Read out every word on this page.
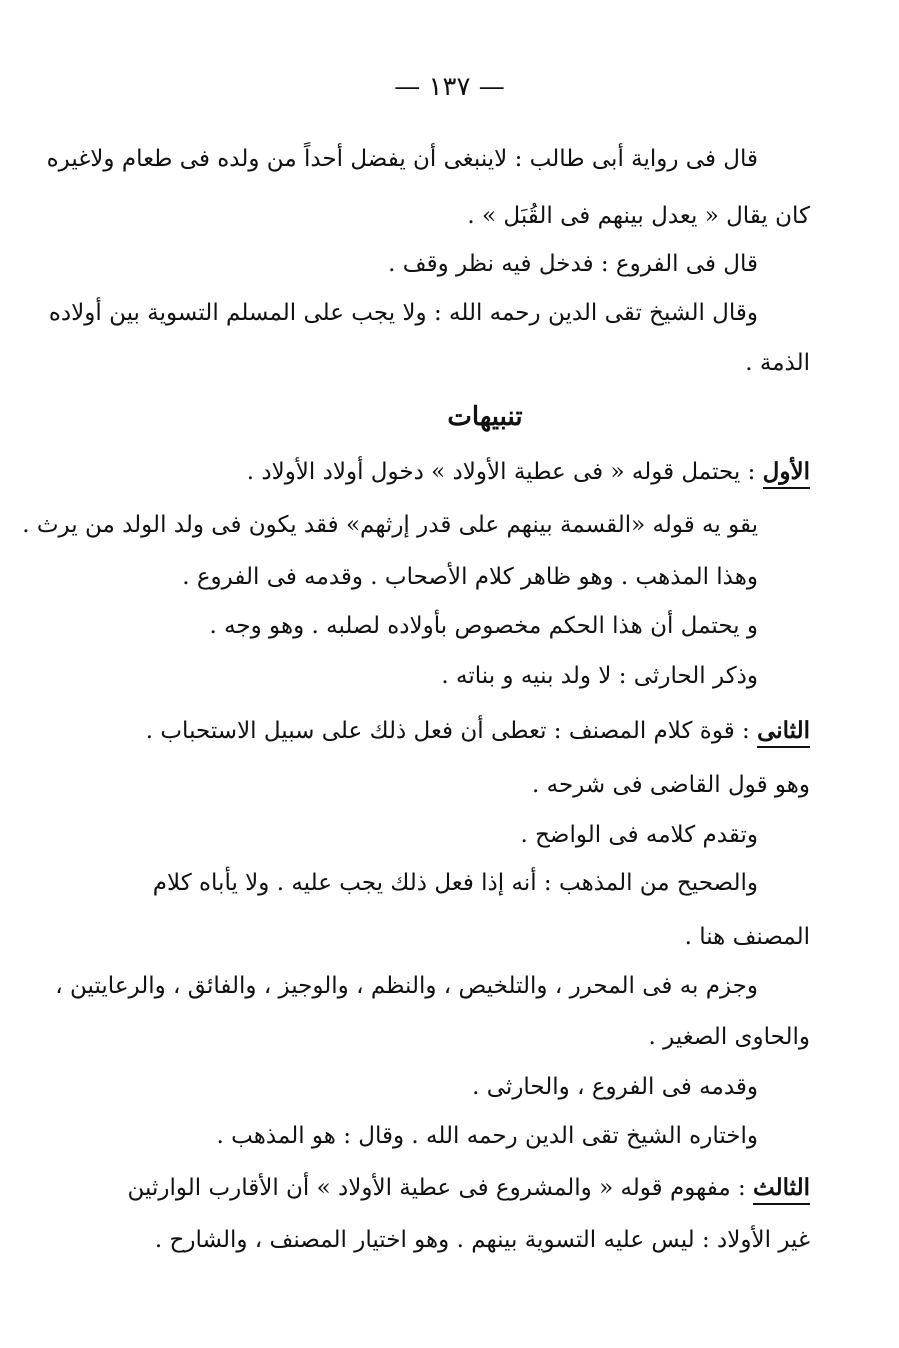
— ١٣٧ —
قال فى رواية أبى طالب : لاينبغى أن يفضل أحداً من ولده فى طعام ولاغيره
كان يقال « يعدل بينهم فى القُبَل » .
قال فى الفروع : فدخل فيه نظر وقف .
وقال الشيخ تقى الدين رحمه الله : ولا يجب على المسلم التسوية بين أولاده
الذمة .
تنبيهات
الأول : يحتمل قوله « فى عطية الأولاد » دخول أولاد الأولاد .
يقو يه قوله «القسمة بينهم على قدر إرثهم» فقد يكون فى ولد الولد من يرث .
وهذا المذهب . وهو ظاهر كلام الأصحاب . وقدمه فى الفروع .
و يحتمل أن هذا الحكم مخصوص بأولاده لصلبه . وهو وجه .
وذكر الحارثى : لا ولد بنيه و بناته .
الثانى : قوة كلام المصنف : تعطى أن فعل ذلك على سبيل الاستحباب .
وهو قول القاضى فى شرحه .
وتقدم كلامه فى الواضح .
والصحيح من المذهب : أنه إذا فعل ذلك يجب عليه . ولا يأباه كلام
المصنف هنا .
وجزم به فى المحرر ، والتلخيص ، والنظم ، والوجيز ، والفائق ، والرعايتين ،
والحاوى الصغير .
وقدمه فى الفروع ، والحارثى .
واختاره الشيخ تقى الدين رحمه الله . وقال : هو المذهب .
الثالث : مفهوم قوله « والمشروع فى عطية الأولاد » أن الأقارب الوارثين
غير الأولاد : ليس عليه التسوية بينهم . وهو اختيار المصنف ، والشارح .
